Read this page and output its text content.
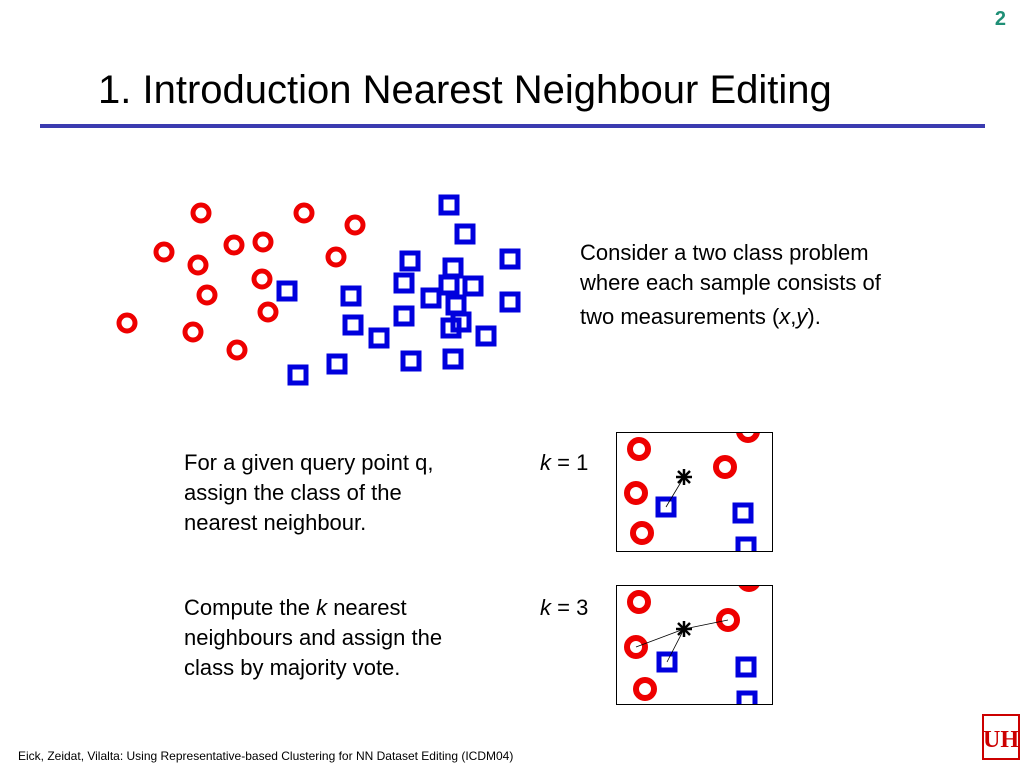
2
1. Introduction Nearest Neighbour Editing
Consider a two class problem
where each sample consists of
two measurements (x,y).
For a given query point q,
assign the class of the
nearest neighbour.
k = 1
Compute the k nearest
neighbours and assign the
class by majority vote.
k = 3
Eick, Zeidat, Vilalta: Using Representative-based Clustering for NN Dataset Editing (ICDM04)
UH
